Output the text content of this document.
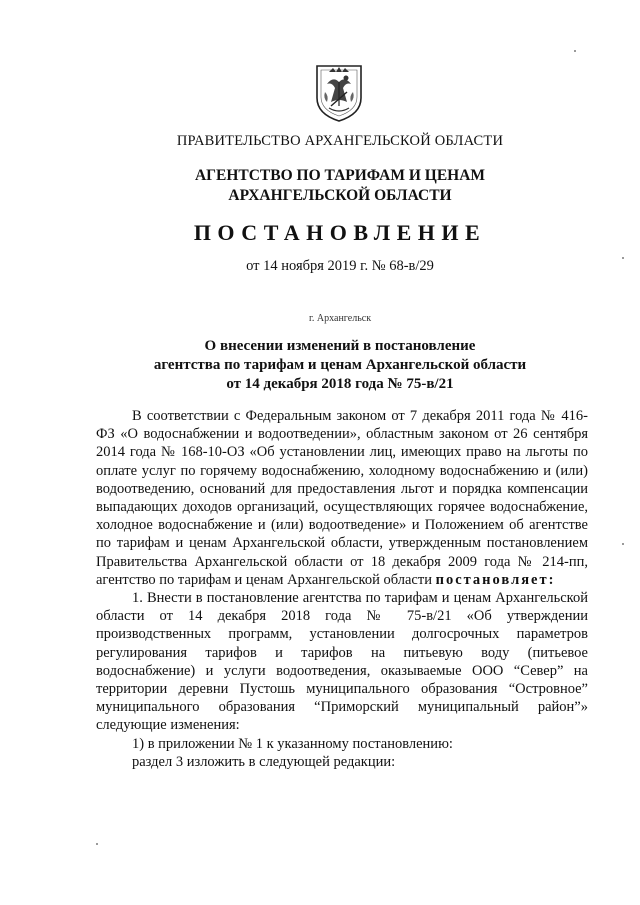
ПРАВИТЕЛЬСТВО АРХАНГЕЛЬСКОЙ ОБЛАСТИ
АГЕНТСТВО ПО ТАРИФАМ И ЦЕНАМ
АРХАНГЕЛЬСКОЙ ОБЛАСТИ
ПОСТАНОВЛЕНИЕ
от 14 ноября 2019 г. № 68-в/29
г. Архангельск
О внесении изменений в постановление
агентства по тарифам и ценам Архангельской области
от 14 декабря 2018 года № 75-в/21

В соответствии с Федеральным законом от 7 декабря 2011 года № 416-ФЗ «О водоснабжении и водоотведении», областным законом от 26 сентября 2014 года № 168-10-ОЗ «Об установлении лиц, имеющих право на льготы по оплате услуг по горячему водоснабжению, холодному водоснабжению и (или) водоотведению, оснований для предоставления льгот и порядка компенсации выпадающих доходов организаций, осуществляющих горячее водоснабжение, холодное водоснабжение и (или) водоотведение» и Положением об агентстве по тарифам и ценам Архангельской области, утвержденным постановлением Правительства Архангельской области от 18 декабря 2009 года № 214-пп, агентство по тарифам и ценам Архангельской области постановляет:

1. Внести в постановление агентства по тарифам и ценам Архангельской области от 14 декабря 2018 года № 75-в/21 «Об утверждении производственных программ, установлении долгосрочных параметров регулирования тарифов и тарифов на питьевую воду (питьевое водоснабжение) и услуги водоотведения, оказываемые ООО “Север” на территории деревни Пустошь муниципального образования “Островное” муниципального образования “Приморский муниципальный район”» следующие изменения:

1) в приложении № 1 к указанному постановлению:

раздел 3 изложить в следующей редакции:
